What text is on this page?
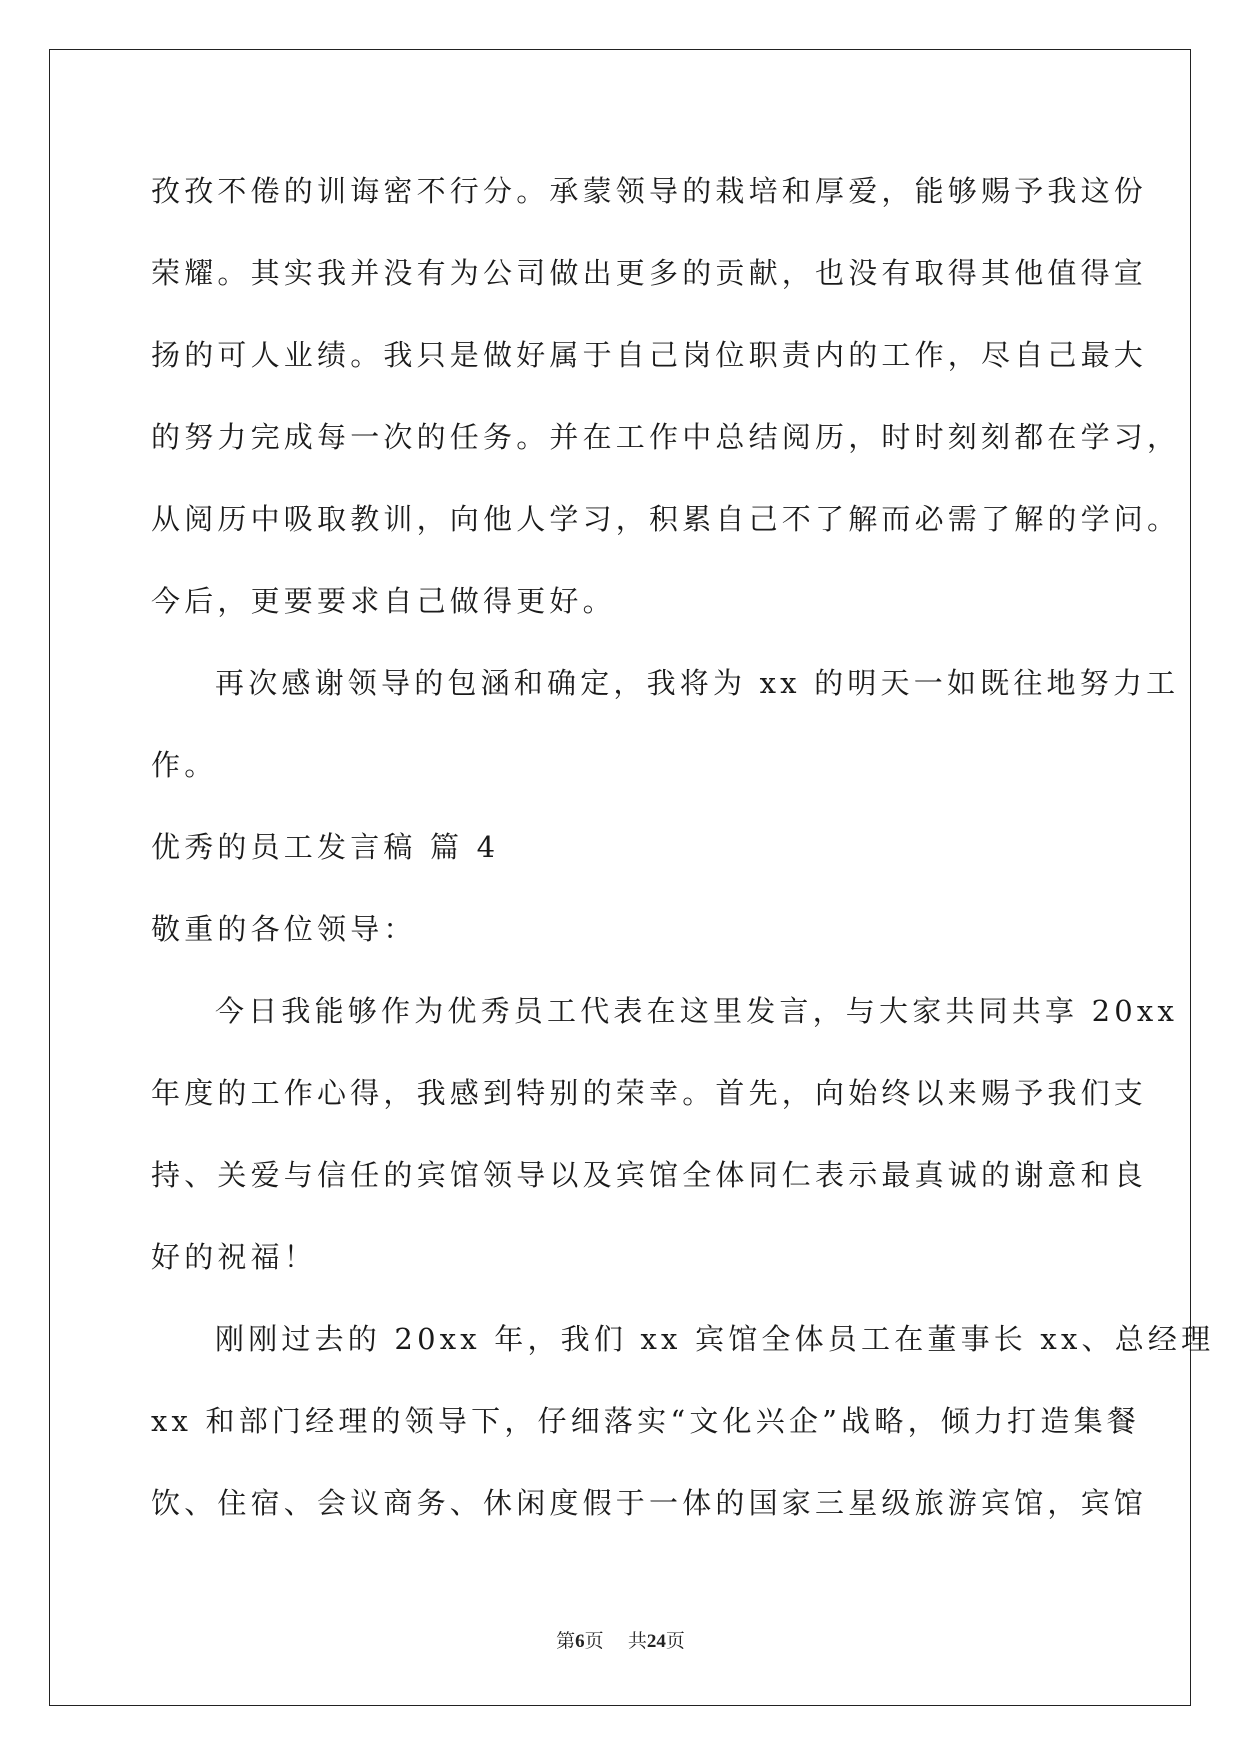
孜孜不倦的训诲密不行分。承蒙领导的栽培和厚爱，能够赐予我这份
荣耀。其实我并没有为公司做出更多的贡献，也没有取得其他值得宣
扬的可人业绩。我只是做好属于自己岗位职责内的工作，尽自己最大
的努力完成每一次的任务。并在工作中总结阅历，时时刻刻都在学习，
从阅历中吸取教训，向他人学习，积累自己不了解而必需了解的学问。
今后，更要要求自己做得更好。
再次感谢领导的包涵和确定，我将为 xx 的明天一如既往地努力工
作。
优秀的员工发言稿 篇 4
敬重的各位领导：
今日我能够作为优秀员工代表在这里发言，与大家共同共享 20xx
年度的工作心得，我感到特别的荣幸。首先，向始终以来赐予我们支
持、关爱与信任的宾馆领导以及宾馆全体同仁表示最真诚的谢意和良
好的祝福！
刚刚过去的 20xx 年，我们 xx 宾馆全体员工在董事长 xx、总经理
xx 和部门经理的领导下，仔细落实“文化兴企”战略，倾力打造集餐
饮、住宿、会议商务、休闲度假于一体的国家三星级旅游宾馆，宾馆
第6页 共24页
